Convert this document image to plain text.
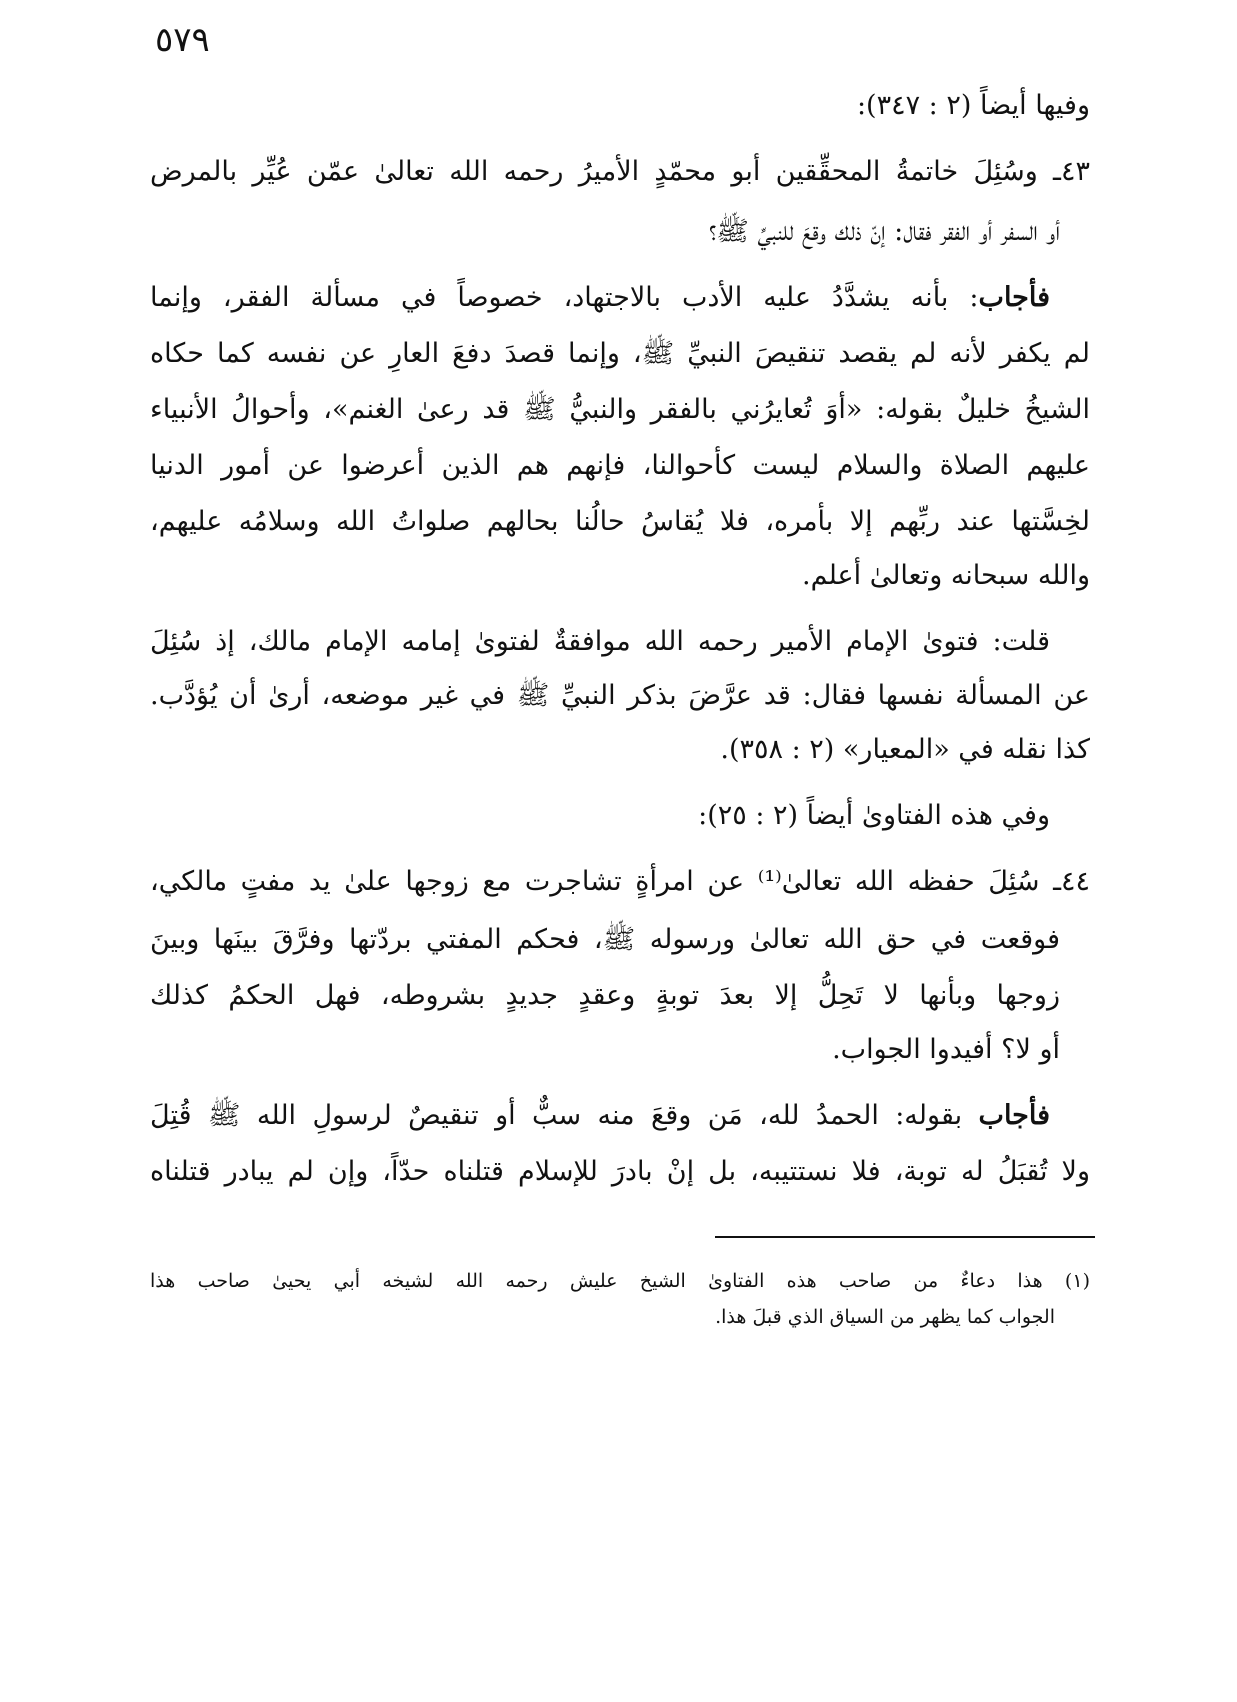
٥٧٩
وفيها أيضاً (٢ : ٣٤٧):
٤٣ـ وسُئِلَ خاتمةُ المحقِّقين أبو محمّدٍ الأميرُ رحمه الله تعالىٰ عمّن عُيِّر بالمرض
أو السفر أو الفقر فقال: إنّ ذلك وقعَ للنبيِّ ﷺ؟
فأجاب: بأنه يشدَّدُ عليه الأدب بالاجتهاد، خصوصاً في مسألة الفقر، وإنما
لم يكفر لأنه لم يقصد تنقيصَ النبيِّ ﷺ، وإنما قصدَ دفعَ العارِ عن نفسه كما حكاه
الشيخُ خليلٌ بقوله: «أوَ تُعايرُني بالفقر والنبيُّ ﷺ قد رعىٰ الغنم»، وأحوالُ الأنبياء
عليهم الصلاة والسلام ليست كأحوالنا، فإنهم هم الذين أعرضوا عن أمور الدنيا
لخِسَّتها عند ربِّهم إلا بأمره، فلا يُقاسُ حالُنا بحالهم صلواتُ الله وسلامُه عليهم،
والله سبحانه وتعالىٰ أعلم.
قلت: فتوىٰ الإمام الأمير رحمه الله موافقةٌ لفتوىٰ إمامه الإمام مالك، إذ سُئِلَ
عن المسألة نفسها فقال: قد عرَّضَ بذكر النبيِّ ﷺ في غير موضعه، أرىٰ أن يُؤدَّب.
كذا نقله في «المعيار» (٢ : ٣٥٨).
وفي هذه الفتاوىٰ أيضاً (٢ : ٢٥):
٤٤ـ سُئِلَ حفظه الله تعالىٰ⁽¹⁾ عن امرأةٍ تشاجرت مع زوجها علىٰ يد مفتٍ مالكي،
فوقعت في حق الله تعالىٰ ورسوله ﷺ، فحكم المفتي بردّتها وفرَّقَ بينَها وبينَ
زوجها وبأنها لا تَحِلُّ إلا بعدَ توبةٍ وعقدٍ جديدٍ بشروطه، فهل الحكمُ كذلك
أو لا؟ أفيدوا الجواب.
فأجاب بقوله: الحمدُ لله، مَن وقعَ منه سبٌّ أو تنقيصٌ لرسولِ الله ﷺ قُتِلَ
ولا تُقبَلُ له توبة، فلا نستتيبه، بل إنْ بادرَ للإسلام قتلناه حدّاً، وإن لم يبادر قتلناه
(١) هذا دعاءٌ من صاحب هذه الفتاوىٰ الشيخ عليش رحمه الله لشيخه أبي يحيىٰ صاحب هذا
الجواب كما يظهر من السياق الذي قبلَ هذا.
